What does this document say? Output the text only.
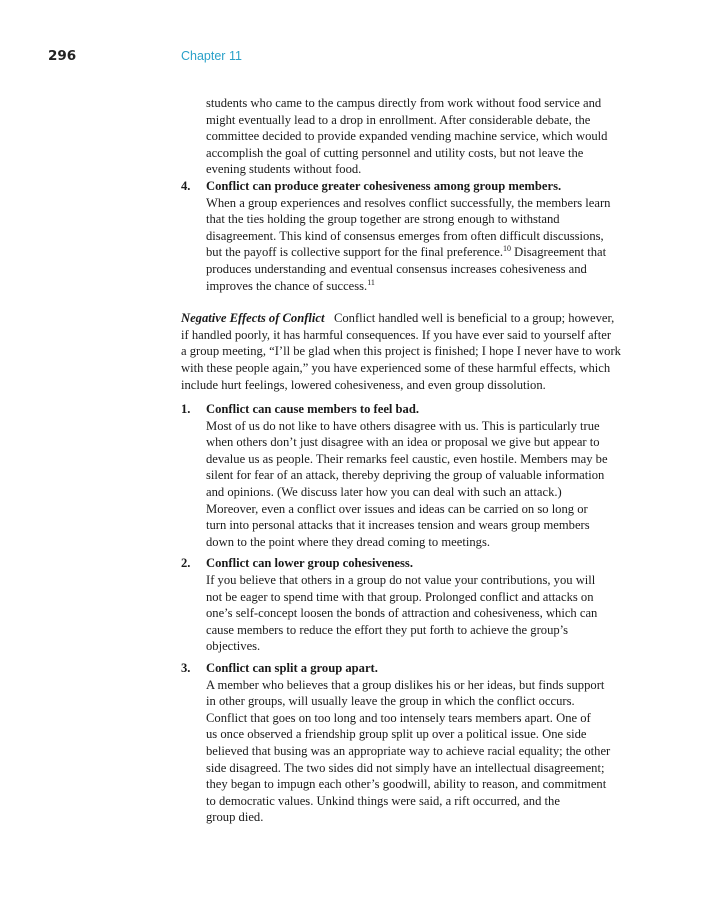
296	Chapter 11

students who came to the campus directly from work without food service and

might eventually lead to a drop in enrollment. After considerable debate, the

committee decided to provide expanded vending machine service, which would

accomplish the goal of cutting personnel and utility costs, but not leave the

evening students without food.

4. Conflict can produce greater cohesiveness among group members.

When a group experiences and resolves conflict successfully, the members learn

that the ties holding the group together are strong enough to withstand

disagreement. This kind of consensus emerges from often difficult discussions,

but the payoff is collective support for the final preference.$^{10}$ Disagreement that

produces understanding and eventual consensus increases cohesiveness and

improves the chance of success.$^{11}$

Negative Effects of Conflict Conflict handled well is beneficial to a group; however,

if handled poorly, it has harmful consequences. If you have ever said to yourself after

a group meeting, “I’ll be glad when this project is finished; I hope I never have to work

with these people again,” you have experienced some of these harmful effects, which

include hurt feelings, lowered cohesiveness, and even group dissolution.

1. Conflict can cause members to feel bad.

Most of us do not like to have others disagree with us. This is particularly true

when others don’t just disagree with an idea or proposal we give but appear to

devalue us as people. Their remarks feel caustic, even hostile. Members may be

silent for fear of an attack, thereby depriving the group of valuable information

and opinions. (We discuss later how you can deal with such an attack.)

Moreover, even a conflict over issues and ideas can be carried on so long or

turn into personal attacks that it increases tension and wears group members

down to the point where they dread coming to meetings.

2. Conflict can lower group cohesiveness.

If you believe that others in a group do not value your contributions, you will

not be eager to spend time with that group. Prolonged conflict and attacks on

one’s self-concept loosen the bonds of attraction and cohesiveness, which can

cause members to reduce the effort they put forth to achieve the group’s

objectives.

3. Conflict can split a group apart.

A member who believes that a group dislikes his or her ideas, but finds support

in other groups, will usually leave the group in which the conflict occurs.

Conflict that goes on too long and too intensely tears members apart. One of

us once observed a friendship group split up over a political issue. One side

believed that busing was an appropriate way to achieve racial equality; the other

side disagreed. The two sides did not simply have an intellectual disagreement;

they began to impugn each other’s goodwill, ability to reason, and commitment

to democratic values. Unkind things were said, a rift occurred, and the

group died.
